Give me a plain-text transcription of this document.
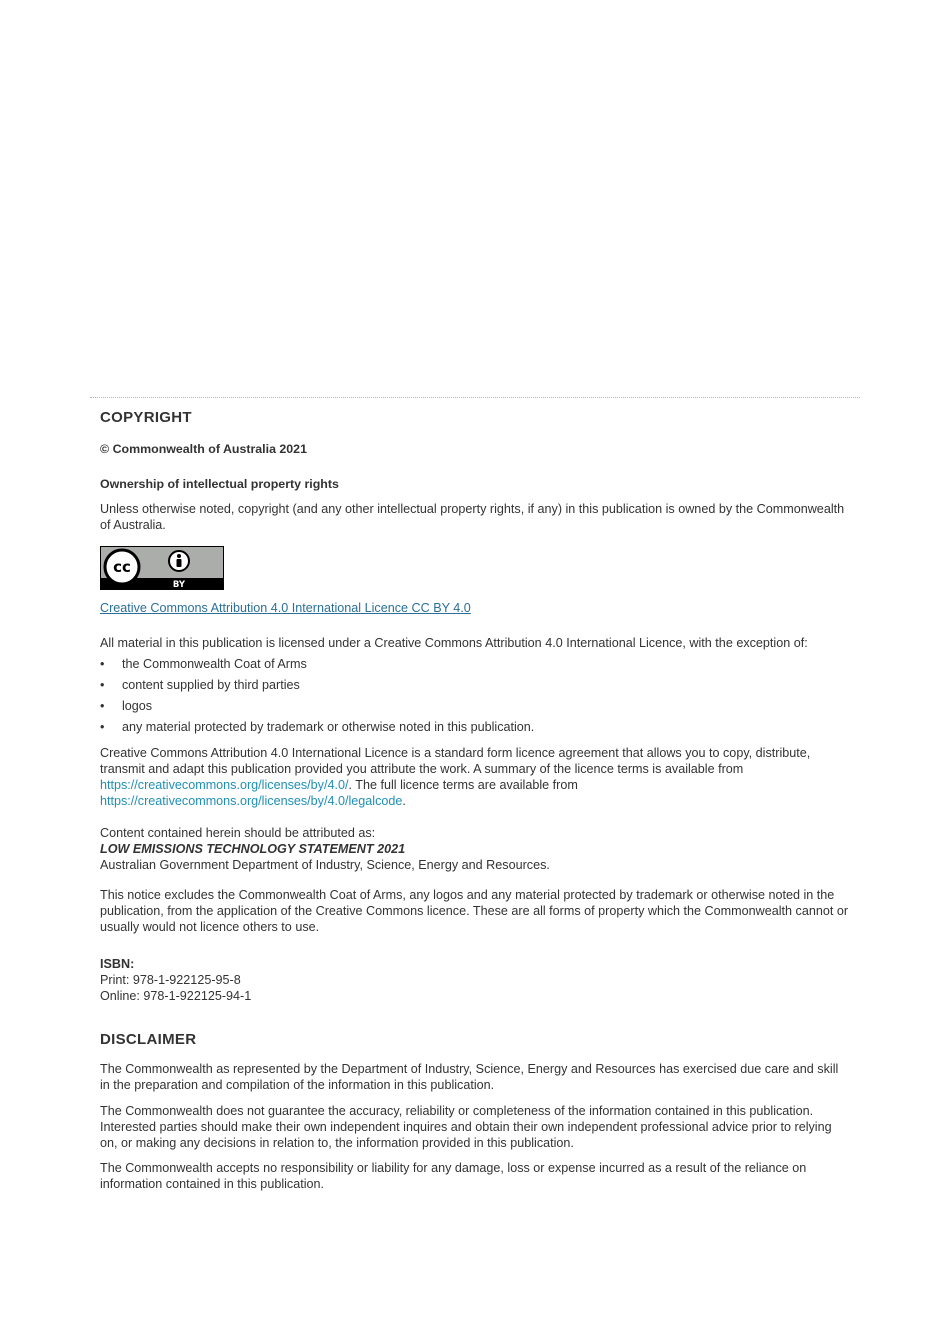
COPYRIGHT

© Commonwealth of Australia 2021

Ownership of intellectual property rights

Unless otherwise noted, copyright (and any other intellectual property rights, if any) in this publication is owned by the Commonwealth of Australia.

cc
BY

Creative Commons Attribution 4.0 International Licence CC BY 4.0

All material in this publication is licensed under a Creative Commons Attribution 4.0 International Licence, with the exception of:

• the Commonwealth Coat of Arms
• content supplied by third parties
• logos
• any material protected by trademark or otherwise noted in this publication.

Creative Commons Attribution 4.0 International Licence is a standard form licence agreement that allows you to copy, distribute, transmit and adapt this publication provided you attribute the work. A summary of the licence terms is available from https://creativecommons.org/licenses/by/4.0/. The full licence terms are available from https://creativecommons.org/licenses/by/4.0/legalcode.

Content contained herein should be attributed as:

LOW EMISSIONS TECHNOLOGY STATEMENT 2021

Australian Government Department of Industry, Science, Energy and Resources.

This notice excludes the Commonwealth Coat of Arms, any logos and any material protected by trademark or otherwise noted in the publication, from the application of the Creative Commons licence. These are all forms of property which the Commonwealth cannot or usually would not licence others to use.

ISBN:

Print: 978-1-922125-95-8

Online: 978-1-922125-94-1

DISCLAIMER

The Commonwealth as represented by the Department of Industry, Science, Energy and Resources has exercised due care and skill in the preparation and compilation of the information in this publication.

The Commonwealth does not guarantee the accuracy, reliability or completeness of the information contained in this publication. Interested parties should make their own independent inquires and obtain their own independent professional advice prior to relying on, or making any decisions in relation to, the information provided in this publication.

The Commonwealth accepts no responsibility or liability for any damage, loss or expense incurred as a result of the reliance on information contained in this publication.
